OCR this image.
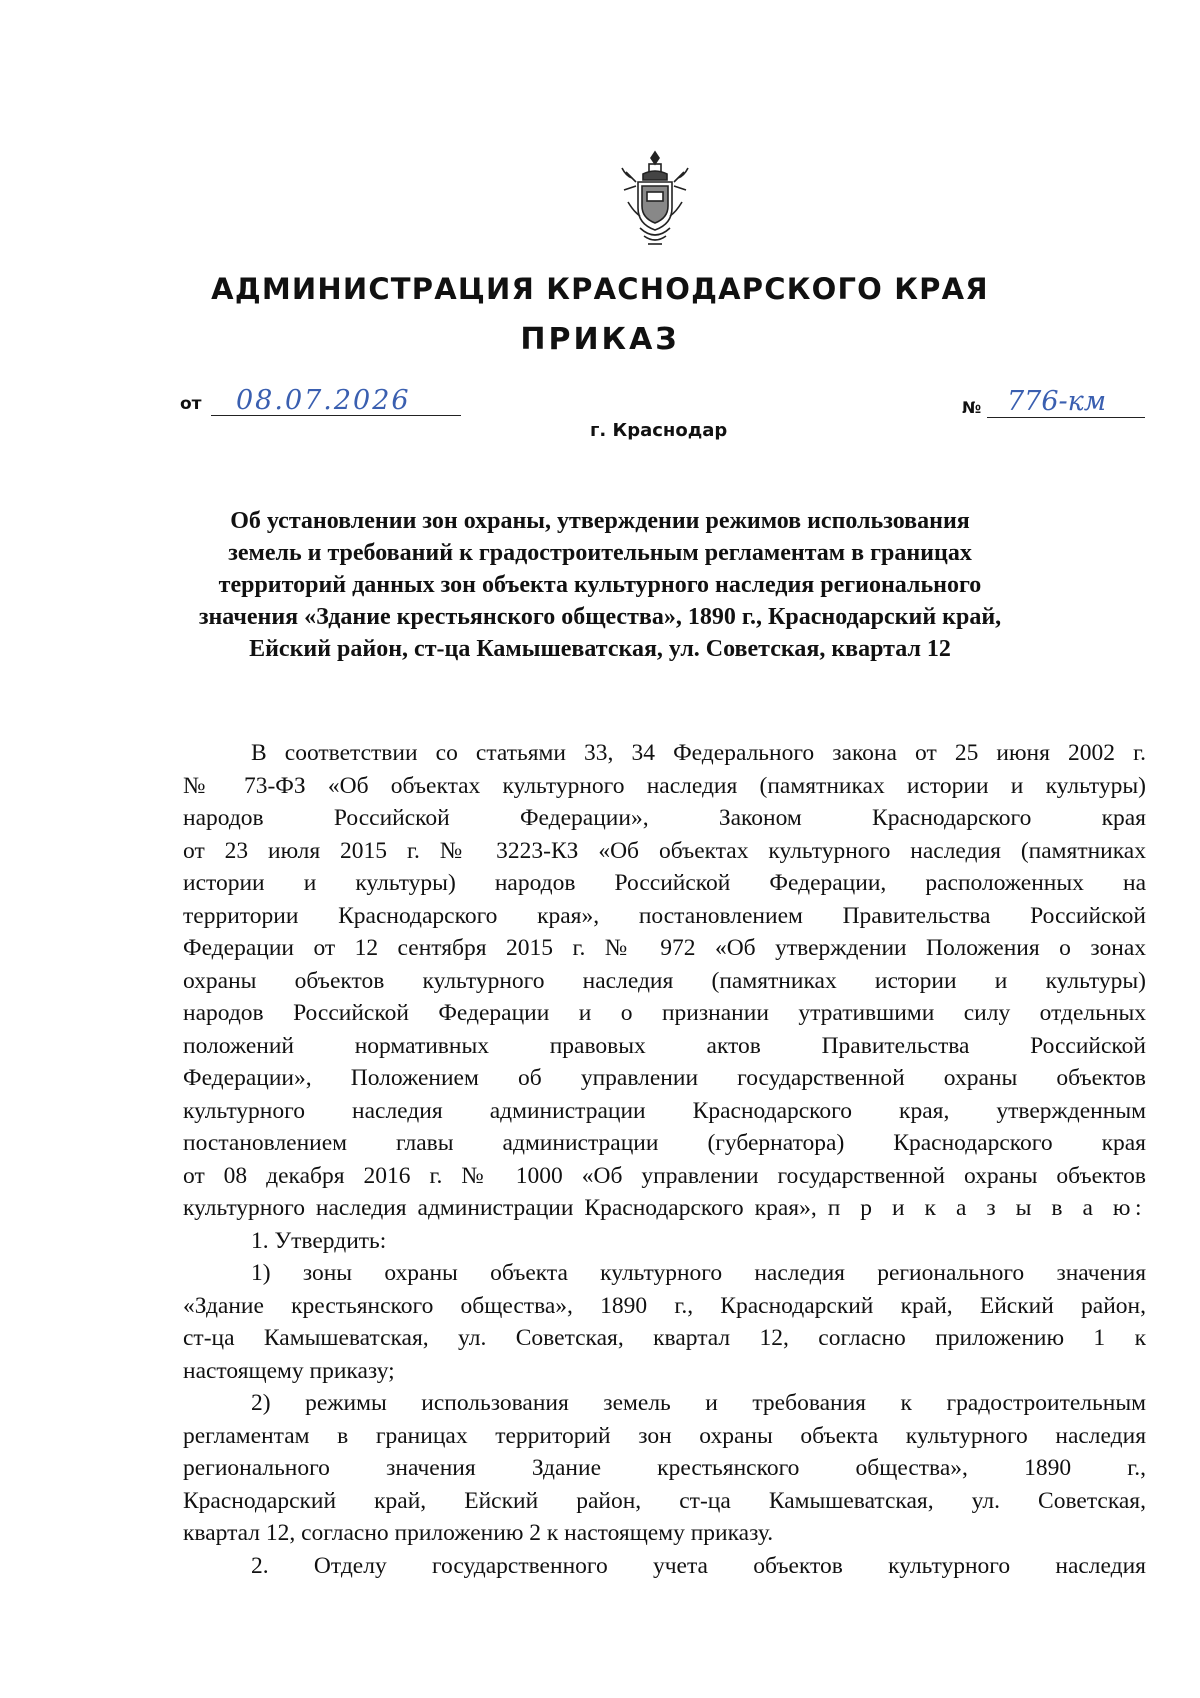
АДМИНИСТРАЦИЯ КРАСНОДАРСКОГО КРАЯ
ПРИКАЗ
от 08.07.2026
г. Краснодар
№ 776-км
Об установлении зон охраны, утверждении режимов использования
земель и требований к градостроительным регламентам в границах
территорий данных зон объекта культурного наследия регионального
значения «Здание крестьянского общества», 1890 г., Краснодарский край,
Ейский район, ст-ца Камышеватская, ул. Советская, квартал 12
В соответствии со статьями 33, 34 Федерального закона от 25 июня 2002 г.
№ 73-ФЗ «Об объектах культурного наследия (памятниках истории и культуры)
народов Российской Федерации», Законом Краснодарского края
от 23 июля 2015 г. № 3223-КЗ «Об объектах культурного наследия (памятниках
истории и культуры) народов Российской Федерации, расположенных на
территории Краснодарского края», постановлением Правительства Российской
Федерации от 12 сентября 2015 г. № 972 «Об утверждении Положения о зонах
охраны объектов культурного наследия (памятниках истории и культуры)
народов Российской Федерации и о признании утратившими силу отдельных
положений нормативных правовых актов Правительства Российской
Федерации», Положением об управлении государственной охраны объектов
культурного наследия администрации Краснодарского края, утвержденным
постановлением главы администрации (губернатора) Краснодарского края
от 08 декабря 2016 г. № 1000 «Об управлении государственной охраны объектов
культурного наследия администрации Краснодарского края», п р и к а з ы в а ю:
1. Утвердить:
1) зоны охраны объекта культурного наследия регионального значения
«Здание крестьянского общества», 1890 г., Краснодарский край, Ейский район,
ст-ца Камышеватская, ул. Советская, квартал 12, согласно приложению 1 к
настоящему приказу;
2) режимы использования земель и требования к градостроительным
регламентам в границах территорий зон охраны объекта культурного наследия
регионального значения Здание крестьянского общества», 1890 г.,
Краснодарский край, Ейский район, ст-ца Камышеватская, ул. Советская,
квартал 12, согласно приложению 2 к настоящему приказу.
2. Отделу государственного учета объектов культурного наследия
